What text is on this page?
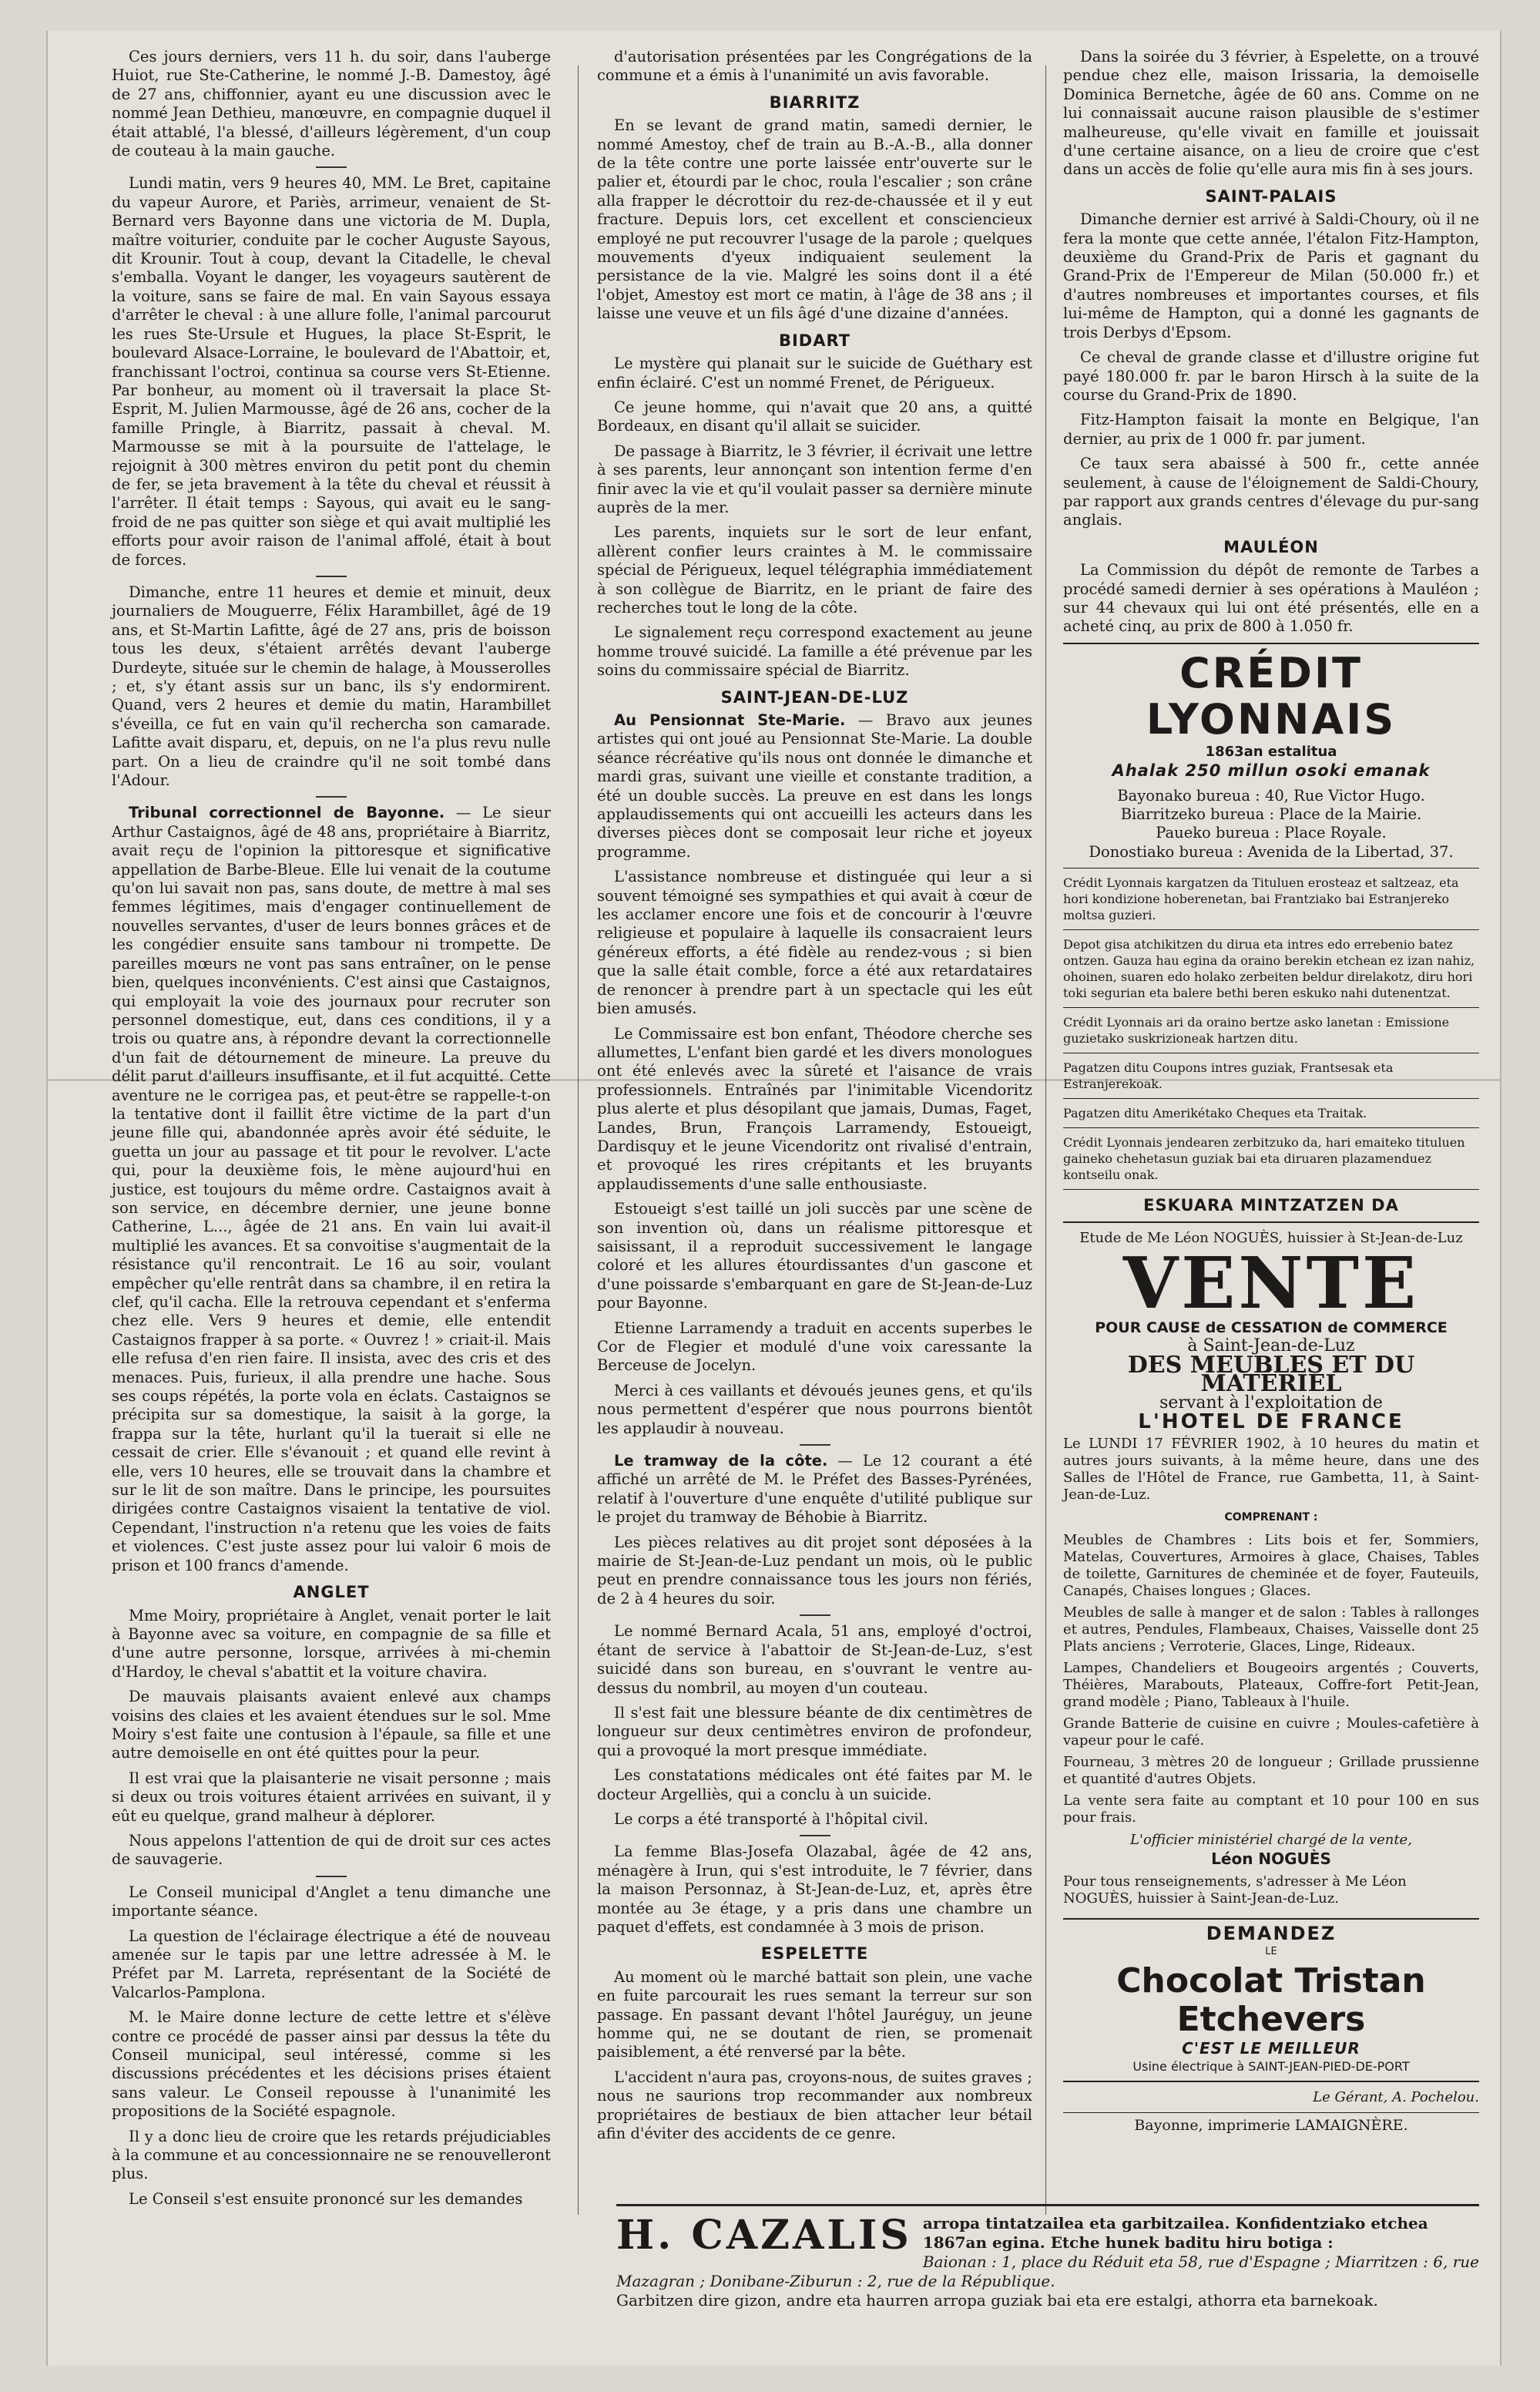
Ces jours derniers, vers 11 h. du soir, dans l'auberge Huiot, rue Ste-Catherine, le nommé J.-B. Damestoy, âgé de 27 ans, chiffonnier, ayant eu une discussion avec le nommé Jean Dethieu, manœuvre, en compagnie duquel il était attablé, l'a blessé, d'ailleurs légèrement, d'un coup de couteau à la main gauche.

Lundi matin, vers 9 heures 40, MM. Le Bret, capitaine du vapeur Aurore, et Pariès, arrimeur, venaient de St-Bernard vers Bayonne dans une victoria de M. Dupla, maître voiturier, conduite par le cocher Auguste Sayous, dit Krounir. Tout à coup, devant la Citadelle, le cheval s'emballa. Voyant le danger, les voyageurs sautèrent de la voiture, sans se faire de mal. En vain Sayous essaya d'arrêter le cheval : à une allure folle, l'animal parcourut les rues Ste-Ursule et Hugues, la place St-Esprit, le boulevard Alsace-Lorraine, le boulevard de l'Abattoir, et, franchissant l'octroi, continua sa course vers St-Etienne. Par bonheur, au moment où il traversait la place St-Esprit, M. Julien Marmousse, âgé de 26 ans, cocher de la famille Pringle, à Biarritz, passait à cheval. M. Marmousse se mit à la poursuite de l'attelage, le rejoignit à 300 mètres environ du petit pont du chemin de fer, se jeta bravement à la tête du cheval et réussit à l'arrêter. Il était temps : Sayous, qui avait eu le sang-froid de ne pas quitter son siège et qui avait multiplié les efforts pour avoir raison de l'animal affolé, était à bout de forces.

Dimanche, entre 11 heures et demie et minuit, deux journaliers de Mouguerre, Félix Harambillet, âgé de 19 ans, et St-Martin Lafitte, âgé de 27 ans, pris de boisson tous les deux, s'étaient arrêtés devant l'auberge Durdeyte, située sur le chemin de halage, à Mousserolles ; et, s'y étant assis sur un banc, ils s'y endormirent. Quand, vers 2 heures et demie du matin, Harambillet s'éveilla, ce fut en vain qu'il rechercha son camarade. Lafitte avait disparu, et, depuis, on ne l'a plus revu nulle part. On a lieu de craindre qu'il ne soit tombé dans l'Adour.

Tribunal correctionnel de Bayonne. — Le sieur Arthur Castaignos, âgé de 48 ans, propriétaire à Biarritz, avait reçu de l'opinion la pittoresque et significative appellation de Barbe-Bleue. Elle lui venait de la coutume qu'on lui savait non pas, sans doute, de mettre à mal ses femmes légitimes, mais d'engager continuellement de nouvelles servantes, d'user de leurs bonnes grâces et de les congédier ensuite sans tambour ni trompette. De pareilles mœurs ne vont pas sans entraîner, on le pense bien, quelques inconvénients. C'est ainsi que Castaignos, qui employait la voie des journaux pour recruter son personnel domestique, eut, dans ces conditions, il y a trois ou quatre ans, à répondre devant la correctionnelle d'un fait de détournement de mineure. La preuve du délit parut d'ailleurs insuffisante, et il fut acquitté. Cette aventure ne le corrigea pas, et peut-être se rappelle-t-on la tentative dont il faillit être victime de la part d'un jeune fille qui, abandonnée après avoir été séduite, le guetta un jour au passage et tit pour le revolver. L'acte qui, pour la deuxième fois, le mène aujourd'hui en justice, est toujours du même ordre. Castaignos avait à son service, en décembre dernier, une jeune bonne Catherine, L..., âgée de 21 ans. En vain lui avait-il multiplié les avances. Et sa convoitise s'augmentait de la résistance qu'il rencontrait. Le 16 au soir, voulant empêcher qu'elle rentrât dans sa chambre, il en retira la clef, qu'il cacha. Elle la retrouva cependant et s'enferma chez elle. Vers 9 heures et demie, elle entendit Castaignos frapper à sa porte. « Ouvrez ! » criait-il. Mais elle refusa d'en rien faire. Il insista, avec des cris et des menaces. Puis, furieux, il alla prendre une hache. Sous ses coups répétés, la porte vola en éclats. Castaignos se précipita sur sa domestique, la saisit à la gorge, la frappa sur la tête, hurlant qu'il la tuerait si elle ne cessait de crier. Elle s'évanouit ; et quand elle revint à elle, vers 10 heures, elle se trouvait dans la chambre et sur le lit de son maître. Dans le principe, les poursuites dirigées contre Castaignos visaient la tentative de viol. Cependant, l'instruction n'a retenu que les voies de faits et violences. C'est juste assez pour lui valoir 6 mois de prison et 100 francs d'amende.

ANGLET

Mme Moiry, propriétaire à Anglet, venait porter le lait à Bayonne avec sa voiture, en compagnie de sa fille et d'une autre personne, lorsque, arrivées à mi-chemin d'Hardoy, le cheval s'abattit et la voiture chavira.

De mauvais plaisants avaient enlevé aux champs voisins des claies et les avaient étendues sur le sol. Mme Moiry s'est faite une contusion à l'épaule, sa fille et une autre demoiselle en ont été quittes pour la peur.

Il est vrai que la plaisanterie ne visait personne ; mais si deux ou trois voitures étaient arrivées en suivant, il y eût eu quelque, grand malheur à déplorer.

Nous appelons l'attention de qui de droit sur ces actes de sauvagerie.

Le Conseil municipal d'Anglet a tenu dimanche une importante séance.

La question de l'éclairage électrique a été de nouveau amenée sur le tapis par une lettre adressée à M. le Préfet par M. Larreta, représentant de la Société de Valcarlos-Pamplona.

M. le Maire donne lecture de cette lettre et s'élève contre ce procédé de passer ainsi par dessus la tête du Conseil municipal, seul intéressé, comme si les discussions précédentes et les décisions prises étaient sans valeur. Le Conseil repousse à l'unanimité les propositions de la Société espagnole.

Il y a donc lieu de croire que les retards préjudiciables à la commune et au concessionnaire ne se renouvelleront plus.

Le Conseil s'est ensuite prononcé sur les demandes

d'autorisation présentées par les Congrégations de la commune et a émis à l'unanimité un avis favorable.

BIARRITZ

En se levant de grand matin, samedi dernier, le nommé Amestoy, chef de train au B.-A.-B., alla donner de la tête contre une porte laissée entr'ouverte sur le palier et, étourdi par le choc, roula l'escalier ; son crâne alla frapper le décrottoir du rez-de-chaussée et il y eut fracture. Depuis lors, cet excellent et consciencieux employé ne put recouvrer l'usage de la parole ; quelques mouvements d'yeux indiquaient seulement la persistance de la vie. Malgré les soins dont il a été l'objet, Amestoy est mort ce matin, à l'âge de 38 ans ; il laisse une veuve et un fils âgé d'une dizaine d'années.

BIDART

Le mystère qui planait sur le suicide de Guéthary est enfin éclairé. C'est un nommé Frenet, de Périgueux.

Ce jeune homme, qui n'avait que 20 ans, a quitté Bordeaux, en disant qu'il allait se suicider.

De passage à Biarritz, le 3 février, il écrivait une lettre à ses parents, leur annonçant son intention ferme d'en finir avec la vie et qu'il voulait passer sa dernière minute auprès de la mer.

Les parents, inquiets sur le sort de leur enfant, allèrent confier leurs craintes à M. le commissaire spécial de Périgueux, lequel télégraphia immédiatement à son collègue de Biarritz, en le priant de faire des recherches tout le long de la côte.

Le signalement reçu correspond exactement au jeune homme trouvé suicidé. La famille a été prévenue par les soins du commissaire spécial de Biarritz.

SAINT-JEAN-DE-LUZ

Au Pensionnat Ste-Marie. — Bravo aux jeunes artistes qui ont joué au Pensionnat Ste-Marie. La double séance récréative qu'ils nous ont donnée le dimanche et mardi gras, suivant une vieille et constante tradition, a été un double succès. La preuve en est dans les longs applaudissements qui ont accueilli les acteurs dans les diverses pièces dont se composait leur riche et joyeux programme.

L'assistance nombreuse et distinguée qui leur a si souvent témoigné ses sympathies et qui avait à cœur de les acclamer encore une fois et de concourir à l'œuvre religieuse et populaire à laquelle ils consacraient leurs généreux efforts, a été fidèle au rendez-vous ; si bien que la salle était comble, force a été aux retardataires de renoncer à prendre part à un spectacle qui les eût bien amusés.

Le Commissaire est bon enfant, Théodore cherche ses allumettes, L'enfant bien gardé et les divers monologues ont été enlevés avec la sûreté et l'aisance de vrais professionnels. Entraînés par l'inimitable Vicendoritz plus alerte et plus désopilant que jamais, Dumas, Faget, Landes, Brun, François Larramendy, Estoueigt, Dardisquy et le jeune Vicendoritz ont rivalisé d'entrain, et provoqué les rires crépitants et les bruyants applaudissements d'une salle enthousiaste.

Estoueigt s'est taillé un joli succès par une scène de son invention où, dans un réalisme pittoresque et saisissant, il a reproduit successivement le langage coloré et les allures étourdissantes d'un gascone et d'une poissarde s'embarquant en gare de St-Jean-de-Luz pour Bayonne.

Etienne Larramendy a traduit en accents superbes le Cor de Flegier et modulé d'une voix caressante la Berceuse de Jocelyn.

Merci à ces vaillants et dévoués jeunes gens, et qu'ils nous permettent d'espérer que nous pourrons bientôt les applaudir à nouveau.

Le tramway de la côte. — Le 12 courant a été affiché un arrêté de M. le Préfet des Basses-Pyrénées, relatif à l'ouverture d'une enquête d'utilité publique sur le projet du tramway de Béhobie à Biarritz.

Les pièces relatives au dit projet sont déposées à la mairie de St-Jean-de-Luz pendant un mois, où le public peut en prendre connaissance tous les jours non fériés, de 2 à 4 heures du soir.

Le nommé Bernard Acala, 51 ans, employé d'octroi, étant de service à l'abattoir de St-Jean-de-Luz, s'est suicidé dans son bureau, en s'ouvrant le ventre au-dessus du nombril, au moyen d'un couteau.

Il s'est fait une blessure béante de dix centimètres de longueur sur deux centimètres environ de profondeur, qui a provoqué la mort presque immédiate.

Les constatations médicales ont été faites par M. le docteur Argelliès, qui a conclu à un suicide.

Le corps a été transporté à l'hôpital civil.

La femme Blas-Josefa Olazabal, âgée de 42 ans, ménagère à Irun, qui s'est introduite, le 7 février, dans la maison Personnaz, à St-Jean-de-Luz, et, après être montée au 3e étage, y a pris dans une chambre un paquet d'effets, est condamnée à 3 mois de prison.

ESPELETTE

Au moment où le marché battait son plein, une vache en fuite parcourait les rues semant la terreur sur son passage. En passant devant l'hôtel Jauréguy, un jeune homme qui, ne se doutant de rien, se promenait paisiblement, a été renversé par la bête.

L'accident n'aura pas, croyons-nous, de suites graves ; nous ne saurions trop recommander aux nombreux propriétaires de bestiaux de bien attacher leur bétail afin d'éviter des accidents de ce genre.

Dans la soirée du 3 février, à Espelette, on a trouvé pendue chez elle, maison Irissaria, la demoiselle Dominica Bernetche, âgée de 60 ans. Comme on ne lui connaissait aucune raison plausible de s'estimer malheureuse, qu'elle vivait en famille et jouissait d'une certaine aisance, on a lieu de croire que c'est dans un accès de folie qu'elle aura mis fin à ses jours.

SAINT-PALAIS

Dimanche dernier est arrivé à Saldi-Choury, où il ne fera la monte que cette année, l'étalon Fitz-Hampton, deuxième du Grand-Prix de Paris et gagnant du Grand-Prix de l'Empereur de Milan (50.000 fr.) et d'autres nombreuses et importantes courses, et fils lui-même de Hampton, qui a donné les gagnants de trois Derbys d'Epsom.

Ce cheval de grande classe et d'illustre origine fut payé 180.000 fr. par le baron Hirsch à la suite de la course du Grand-Prix de 1890.

Fitz-Hampton faisait la monte en Belgique, l'an dernier, au prix de 1 000 fr. par jument.

Ce taux sera abaissé à 500 fr., cette année seulement, à cause de l'éloignement de Saldi-Choury, par rapport aux grands centres d'élevage du pur-sang anglais.

MAULÉON

La Commission du dépôt de remonte de Tarbes a procédé samedi dernier à ses opérations à Mauléon ; sur 44 chevaux qui lui ont été présentés, elle en a acheté cinq, au prix de 800 à 1.050 fr.

CRÉDIT LYONNAIS
1863an estalitua
Ahalak 250 millun osoki emanak
Bayonako bureua : 40, Rue Victor Hugo.
Biarritzeko bureua : Place de la Mairie.
Paueko bureua : Place Royale.
Donostiako bureua : Avenida de la Libertad, 37.
Crédit Lyonnais kargatzen da Tituluen erosteaz et saltzeaz, eta hori kondizione hoberenetan, bai Frantziako bai Estranjereko moltsa guzieri.
Depot gisa atchikitzen du dirua eta intres edo errebenio batez ontzen. Gauza hau egina da oraino berekin etchean ez izan nahiz, ohoinen, suaren edo holako zerbeiten beldur direlakotz, diru hori toki segurian eta balere bethi beren eskuko nahi dutenentzat.
Crédit Lyonnais ari da oraino bertze asko lanetan : Emissione guzietako suskrizioneak hartzen ditu.
Pagatzen ditu Coupons intres guziak, Frantsesak eta Estranjerekoak.
Pagatzen ditu Amerikétako Cheques eta Traitak.
Crédit Lyonnais jendearen zerbitzuko da, hari emaiteko tituluen gaineko chehetasun guziak bai eta diruaren plazamenduez kontseilu onak.
ESKUARA MINTZATZEN DA
Etude de Me Léon NOGUÈS, huissier à St-Jean-de-Luz
VENTE
POUR CAUSE de CESSATION de COMMERCE
à Saint-Jean-de-Luz
DES MEUBLES ET DU MATÉRIEL
servant à l'exploitation de
L'HOTEL DE FRANCE
Le LUNDI 17 FÉVRIER 1902, à 10 heures du matin et autres jours suivants, à la même heure, dans une des Salles de l'Hôtel de France, rue Gambetta, 11, à Saint-Jean-de-Luz.
COMPRENANT :
Meubles de Chambres : Lits bois et fer, Sommiers, Matelas, Couvertures, Armoires à glace, Chaises, Tables de toilette, Garnitures de cheminée et de foyer, Fauteuils, Canapés, Chaises longues ; Glaces.
Meubles de salle à manger et de salon : Tables à rallonges et autres, Pendules, Flambeaux, Chaises, Vaisselle dont 25 Plats anciens ; Verroterie, Glaces, Linge, Rideaux.
Lampes, Chandeliers et Bougeoirs argentés ; Couverts, Théières, Marabouts, Plateaux, Coffre-fort Petit-Jean, grand modèle ; Piano, Tableaux à l'huile.
Grande Batterie de cuisine en cuivre ; Moules-cafetière à vapeur pour le café.
Fourneau, 3 mètres 20 de longueur ; Grillade prussienne et quantité d'autres Objets.
La vente sera faite au comptant et 10 pour 100 en sus pour frais.
L'officier ministériel chargé de la vente,
Léon NOGUÈS
Pour tous renseignements, s'adresser à Me Léon NOGUÈS, huissier à Saint-Jean-de-Luz.
DEMANDEZ
LE
Chocolat Tristan Etchevers
C'EST LE MEILLEUR
Usine électrique à SAINT-JEAN-PIED-DE-PORT
Le Gérant, A. Pochelou.
Bayonne, imprimerie LAMAIGNÈRE.
H. CAZALIS arropa tintatzailea eta garbitzailea. Konfidentziako etchea 1867an egina. Etche hunek baditu hiru botiga :
Baionan : 1, place du Réduit eta 58, rue d'Espagne ; Miarritzen : 6, rue Mazagran ; Donibane-Ziburun : 2, rue de la République.
Garbitzen dire gizon, andre eta haurren arropa guziak bai eta ere estalgi, athorra eta barnekoak.
